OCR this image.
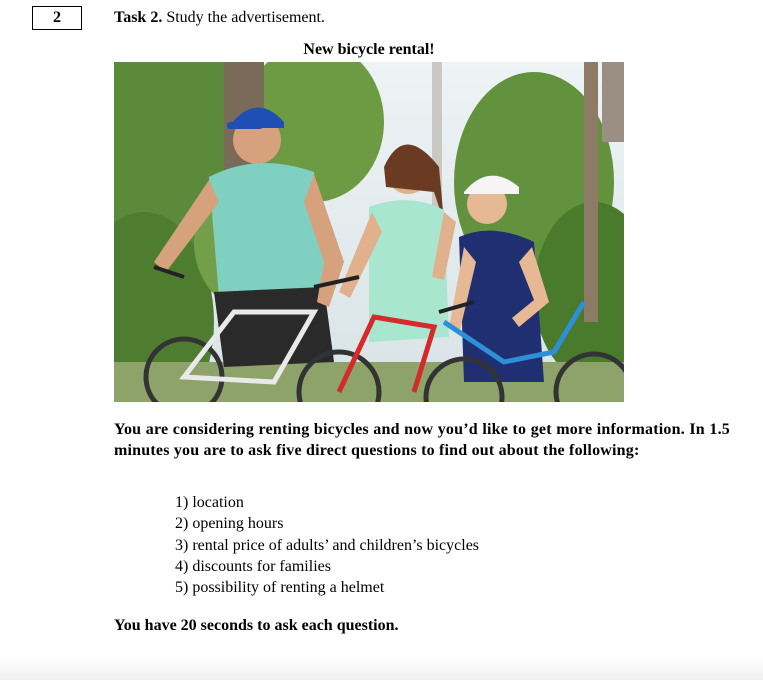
2	Task 2. Study the advertisement.
New bicycle rental!
You are considering renting bicycles and now you’d like to get more information. In 1.5 minutes you are to ask five direct questions to find out about the following:
1) location
2) opening hours
3) rental price of adults’ and children’s bicycles
4) discounts for families
5) possibility of renting a helmet
You have 20 seconds to ask each question.
